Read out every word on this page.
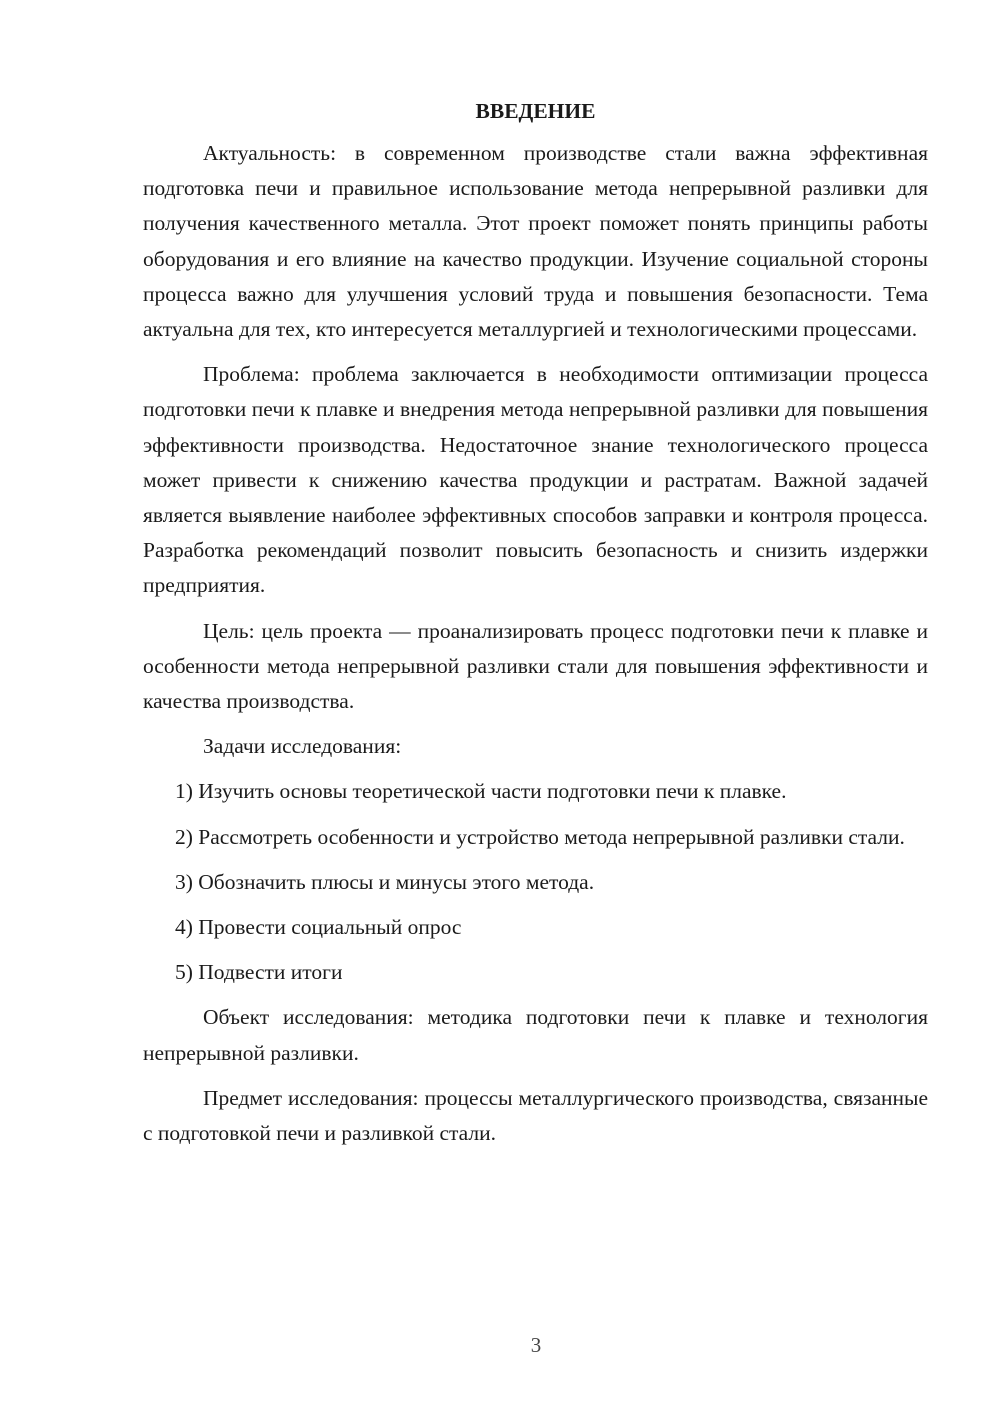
ВВЕДЕНИЕ

Актуальность: в современном производстве стали важна эффективная подготовка печи и правильное использование метода непрерывной разливки для получения качественного металла. Этот проект поможет понять принципы работы оборудования и его влияние на качество продукции. Изучение социальной стороны процесса важно для улучшения условий труда и повышения безопасности. Тема актуальна для тех, кто интересуется металлургией и технологическими процессами.

Проблема: проблема заключается в необходимости оптимизации процесса подготовки печи к плавке и внедрения метода непрерывной разливки для повышения эффективности производства. Недостаточное знание технологического процесса может привести к снижению качества продукции и растратам. Важной задачей является выявление наиболее эффективных способов заправки и контроля процесса. Разработка рекомендаций позволит повысить безопасность и снизить издержки предприятия.

Цель: цель проекта — проанализировать процесс подготовки печи к плавке и особенности метода непрерывной разливки стали для повышения эффективности и качества производства.

Задачи исследования:

1) Изучить основы теоретической части подготовки печи к плавке.

2) Рассмотреть особенности и устройство метода непрерывной разливки стали.

3) Обозначить плюсы и минусы этого метода.

4) Провести социальный опрос

5) Подвести итоги

Объект исследования: методика подготовки печи к плавке и технология непрерывной разливки.

Предмет исследования: процессы металлургического производства, связанные с подготовкой печи и разливкой стали.

3
